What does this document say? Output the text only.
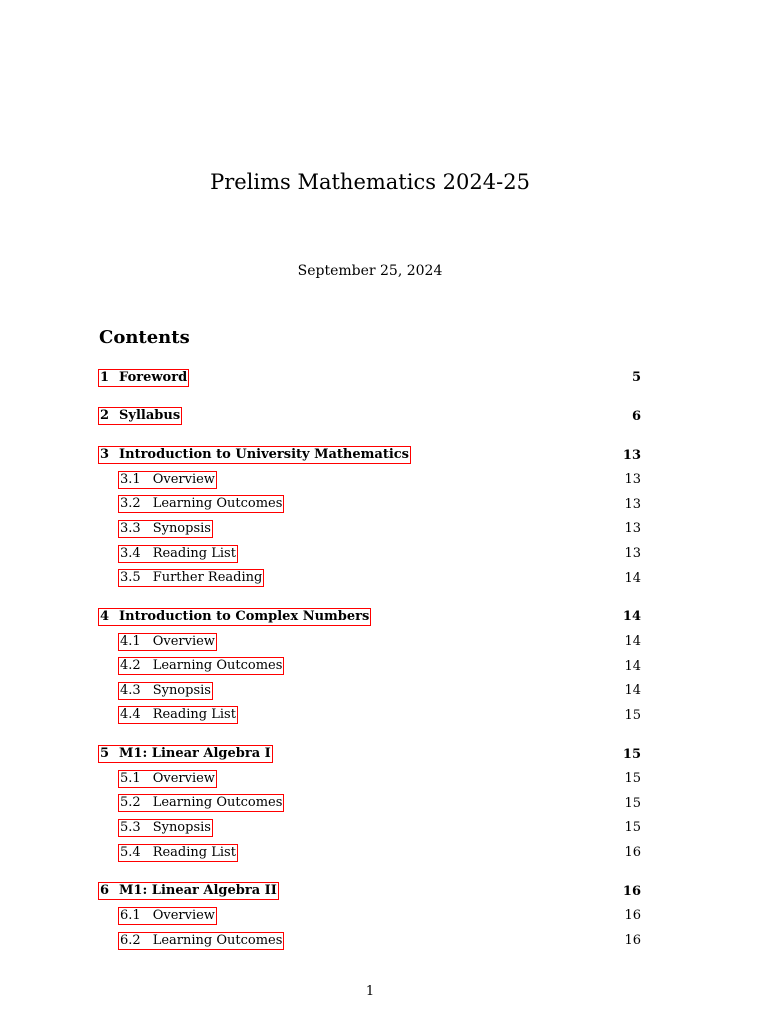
Prelims Mathematics 2024-25
September 25, 2024
Contents
1 Foreword	5
2 Syllabus	6
3 Introduction to University Mathematics	13
3.1 Overview	13
3.2 Learning Outcomes	13
3.3 Synopsis	13
3.4 Reading List	13
3.5 Further Reading	14
4 Introduction to Complex Numbers	14
4.1 Overview	14
4.2 Learning Outcomes	14
4.3 Synopsis	14
4.4 Reading List	15
5 M1: Linear Algebra I	15
5.1 Overview	15
5.2 Learning Outcomes	15
5.3 Synopsis	15
5.4 Reading List	16
6 M1: Linear Algebra II	16
6.1 Overview	16
6.2 Learning Outcomes	16
1
